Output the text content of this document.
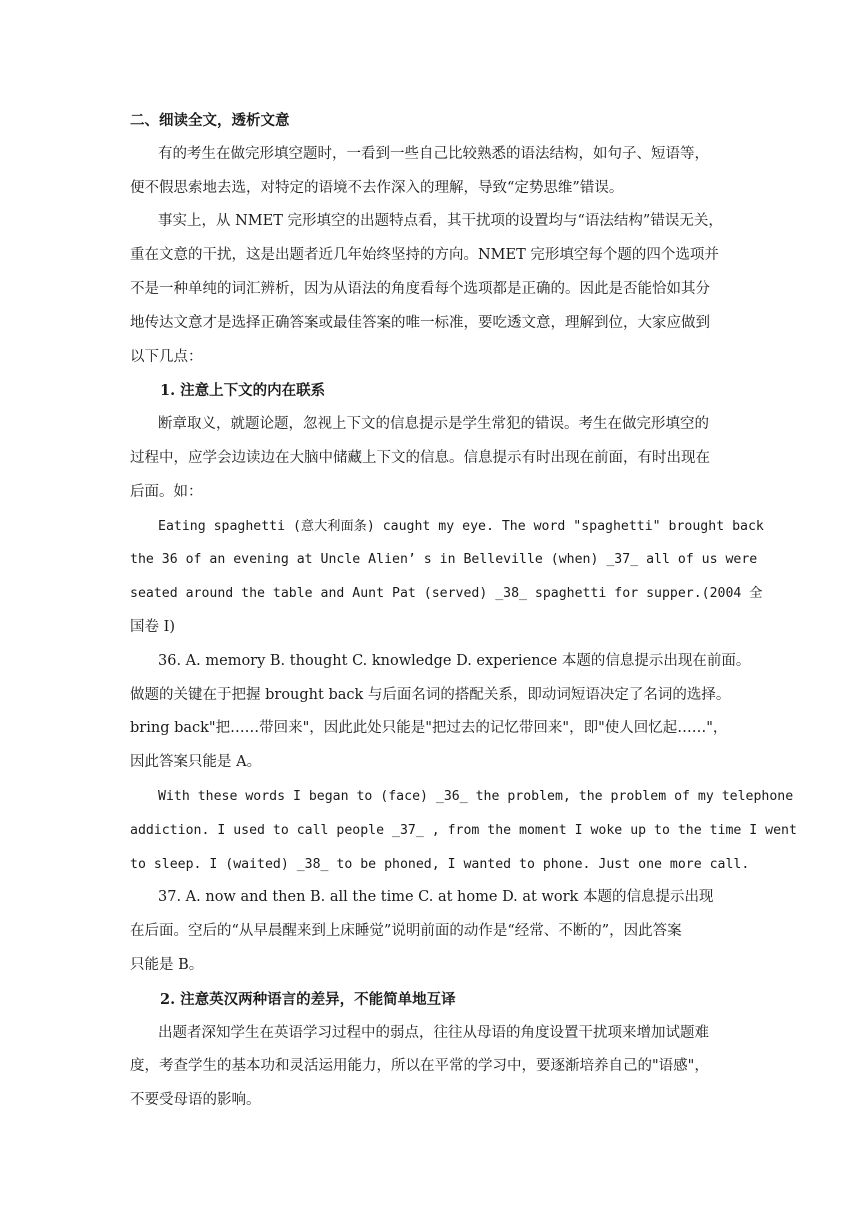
二、细读全文，透析文意
有的考生在做完形填空题时，一看到一些自己比较熟悉的语法结构，如句子、短语等，
便不假思索地去选，对特定的语境不去作深入的理解，导致“定势思维”错误。
事实上，从 NMET 完形填空的出题特点看，其干扰项的设置均与“语法结构”错误无关，
重在文意的干扰，这是出题者近几年始终坚持的方向。NMET 完形填空每个题的四个选项并
不是一种单纯的词汇辨析，因为从语法的角度看每个选项都是正确的。因此是否能恰如其分
地传达文意才是选择正确答案或最佳答案的唯一标准，要吃透文意，理解到位，大家应做到
以下几点：
1. 注意上下文的内在联系
断章取义，就题论题，忽视上下文的信息提示是学生常犯的错误。考生在做完形填空的
过程中，应学会边读边在大脑中储藏上下文的信息。信息提示有时出现在前面，有时出现在
后面。如：
Eating spaghetti (意大利面条) caught my eye. The word "spaghetti" brought back
the 36 of an evening at Uncle Alien’ s in Belleville (when) _37_ all of us were
seated around the table and Aunt Pat (served) _38_ spaghetti for supper.(2004 全
国卷 I)
36. A. memory B. thought C. knowledge D. experience 本题的信息提示出现在前面。
做题的关键在于把握 brought back 与后面名词的搭配关系，即动词短语决定了名词的选择。
bring back"把……带回来"，因此此处只能是"把过去的记忆带回来"，即"使人回忆起……"，
因此答案只能是 A。
With these words I began to (face) _36_ the problem, the problem of my telephone
addiction. I used to call people _37_ , from the moment I woke up to the time I went
to sleep. I (waited) _38_ to be phoned, I wanted to phone. Just one more call.
37. A. now and then B. all the time C. at home D. at work 本题的信息提示出现
在后面。空后的“从早晨醒来到上床睡觉”说明前面的动作是“经常、不断的”，因此答案
只能是 B。
2. 注意英汉两种语言的差异，不能简单地互译
出题者深知学生在英语学习过程中的弱点，往往从母语的角度设置干扰项来增加试题难
度，考查学生的基本功和灵活运用能力，所以在平常的学习中，要逐渐培养自己的"语感"，
不要受母语的影响。
